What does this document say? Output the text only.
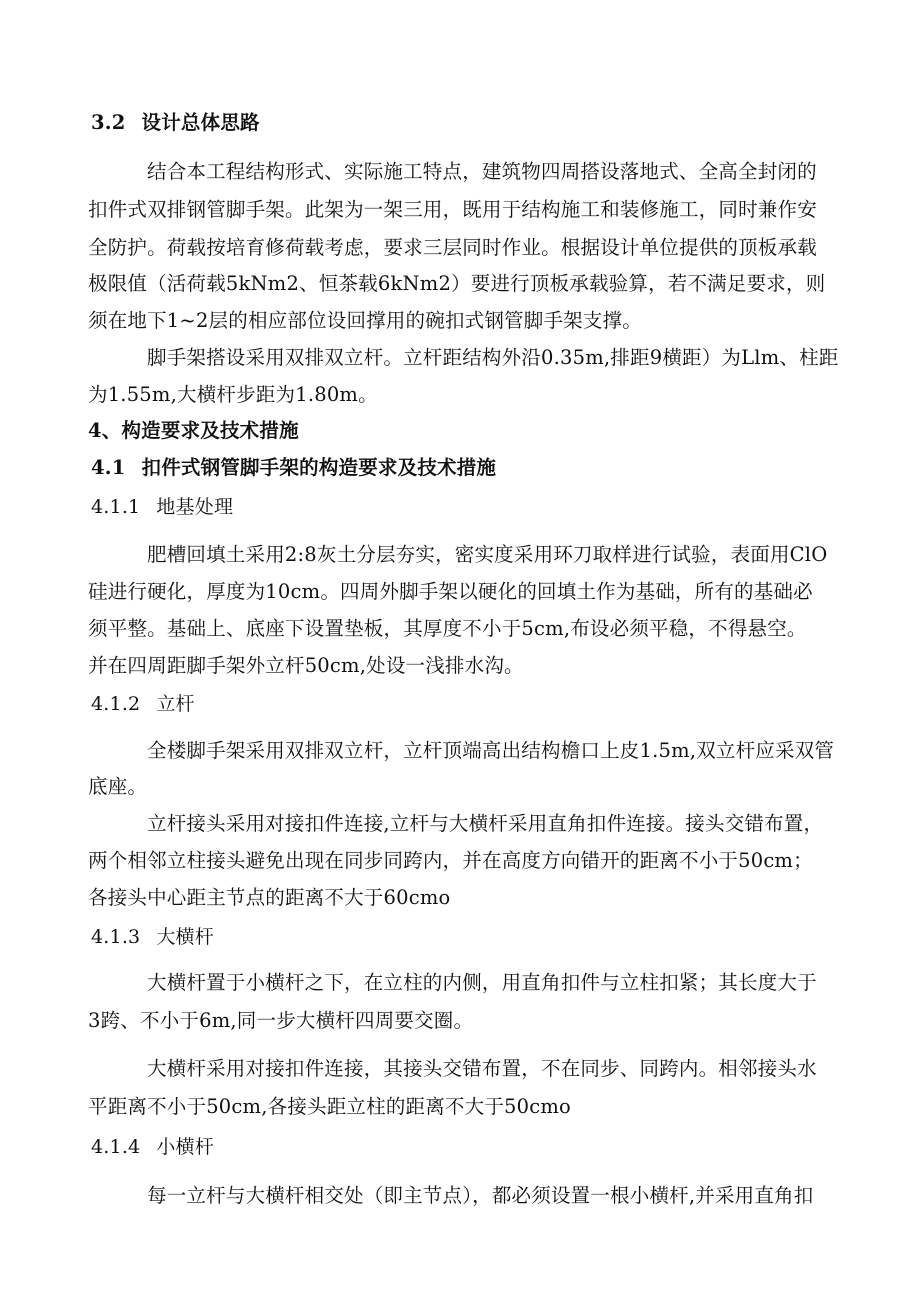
3.2 设计总体思路
结合本工程结构形式、实际施工特点，建筑物四周搭设落地式、全高全封闭的
扣件式双排钢管脚手架。此架为一架三用，既用于结构施工和装修施工，同时兼作安
全防护。荷载按培育修荷载考虑，要求三层同时作业。根据设计单位提供的顶板承载
极限值（活荷载5kNm2、恒茶载6kNm2）要进行顶板承载验算，若不满足要求，则
须在地下1~2层的相应部位设回撑用的碗扣式钢管脚手架支撑。
脚手架搭设采用双排双立杆。立杆距结构外沿0.35m,排距9横距）为Llm、柱距
为1.55m,大横杆步距为1.80m。
4、构造要求及技术措施
4.1 扣件式钢管脚手架的构造要求及技术措施
4.1.1 地基处理
肥槽回填土采用2:8灰土分层夯实，密实度采用环刀取样进行试验，表面用ClO
硅进行硬化，厚度为10cm。四周外脚手架以硬化的回填土作为基础，所有的基础必
须平整。基础上、底座下设置垫板，其厚度不小于5cm,布设必须平稳，不得悬空。
并在四周距脚手架外立杆50cm,处设一浅排水沟。
4.1.2 立杆
全楼脚手架采用双排双立杆，立杆顶端高出结构檐口上皮1.5m,双立杆应采双管
底座。
立杆接头采用对接扣件连接,立杆与大横杆采用直角扣件连接。接头交错布置，
两个相邻立柱接头避免出现在同步同跨内，并在高度方向错开的距离不小于50cm；
各接头中心距主节点的距离不大于60cmo
4.1.3 大横杆
大横杆置于小横杆之下，在立柱的内侧，用直角扣件与立柱扣紧；其长度大于
3跨、不小于6m,同一步大横杆四周要交圈。
大横杆采用对接扣件连接，其接头交错布置，不在同步、同跨内。相邻接头水
平距离不小于50cm,各接头距立柱的距离不大于50cmo
4.1.4 小横杆
每一立杆与大横杆相交处（即主节点），都必须设置一根小横杆,并采用直角扣
